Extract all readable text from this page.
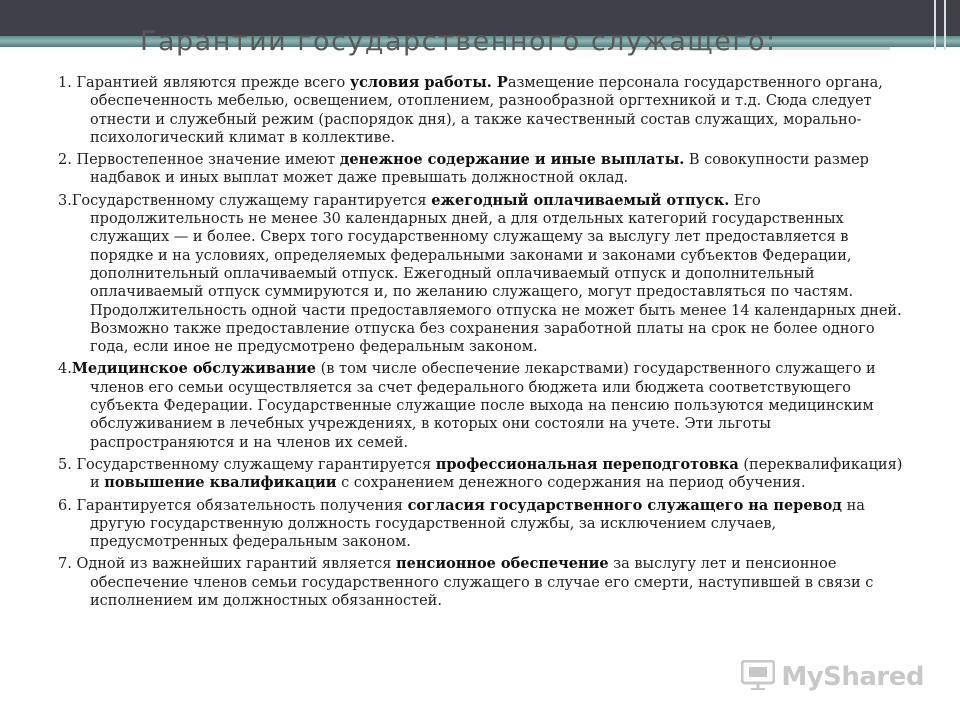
Гарантии государственного служащего:

1. Гарантией являются прежде всего условия работы. Размещение персонала государственного органа, обеспеченность мебелью, освещением, отоплением, разнообразной оргтехникой и т.д. Сюда следует отнести и служебный режим (распорядок дня), а также качественный состав служащих, морально-психологический климат в коллективе.

2. Первостепенное значение имеют денежное содержание и иные выплаты. В совокупности размер надбавок и иных выплат может даже превышать должностной оклад.

3.Государственному служащему гарантируется ежегодный оплачиваемый отпуск. Его продолжительность не менее 30 календарных дней, а для отдельных категорий государственных служащих — и более. Сверх того государственному служащему за выслугу лет предоставляется в порядке и на условиях, определяемых федеральными законами и законами субъектов Федерации, дополнительный оплачиваемый отпуск. Ежегодный оплачиваемый отпуск и дополнительный оплачиваемый отпуск суммируются и, по желанию служащего, могут предоставляться по частям. Продолжительность одной части предоставляемого отпуска не может быть менее 14 календарных дней. Возможно также предоставление отпуска без сохранения заработной платы на срок не более одного года, если иное не предусмотрено федеральным законом.

4.Медицинское обслуживание (в том числе обеспечение лекарствами) государственного служащего и членов его семьи осуществляется за счет федерального бюджета или бюджета соответствующего субъекта Федерации. Государственные служащие после выхода на пенсию пользуются медицинским обслуживанием в лечебных учреждениях, в которых они состояли на учете. Эти льготы распространяются и на членов их семей.

5. Государственному служащему гарантируется профессиональная переподготовка (переквалификация) и повышение квалификации с сохранением денежного содержания на период обучения.

6. Гарантируется обязательность получения согласия государственного служащего на перевод на другую государственную должность государственной службы, за исключением случаев, предусмотренных федеральным законом.

7. Одной из важнейших гарантий является пенсионное обеспечение за выслугу лет и пенсионное обеспечение членов семьи государственного служащего в случае его смерти, наступившей в связи с исполнением им должностных обязанностей.

MyShared
